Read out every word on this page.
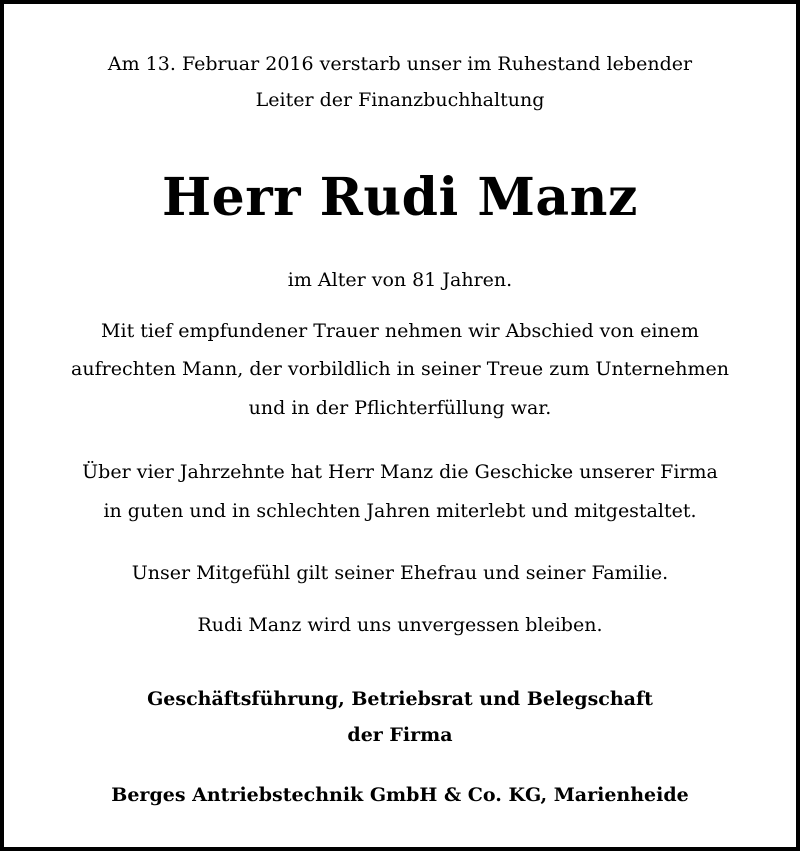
Am 13. Februar 2016 verstarb unser im Ruhestand lebender
Leiter der Finanzbuchhaltung
Herr Rudi Manz
im Alter von 81 Jahren.
Mit tief empfundener Trauer nehmen wir Abschied von einem
aufrechten Mann, der vorbildlich in seiner Treue zum Unternehmen
und in der Pflichterfüllung war.
Über vier Jahrzehnte hat Herr Manz die Geschicke unserer Firma
in guten und in schlechten Jahren miterlebt und mitgestaltet.
Unser Mitgefühl gilt seiner Ehefrau und seiner Familie.
Rudi Manz wird uns unvergessen bleiben.
Geschäftsführung, Betriebsrat und Belegschaft
der Firma
Berges Antriebstechnik GmbH & Co. KG, Marienheide
